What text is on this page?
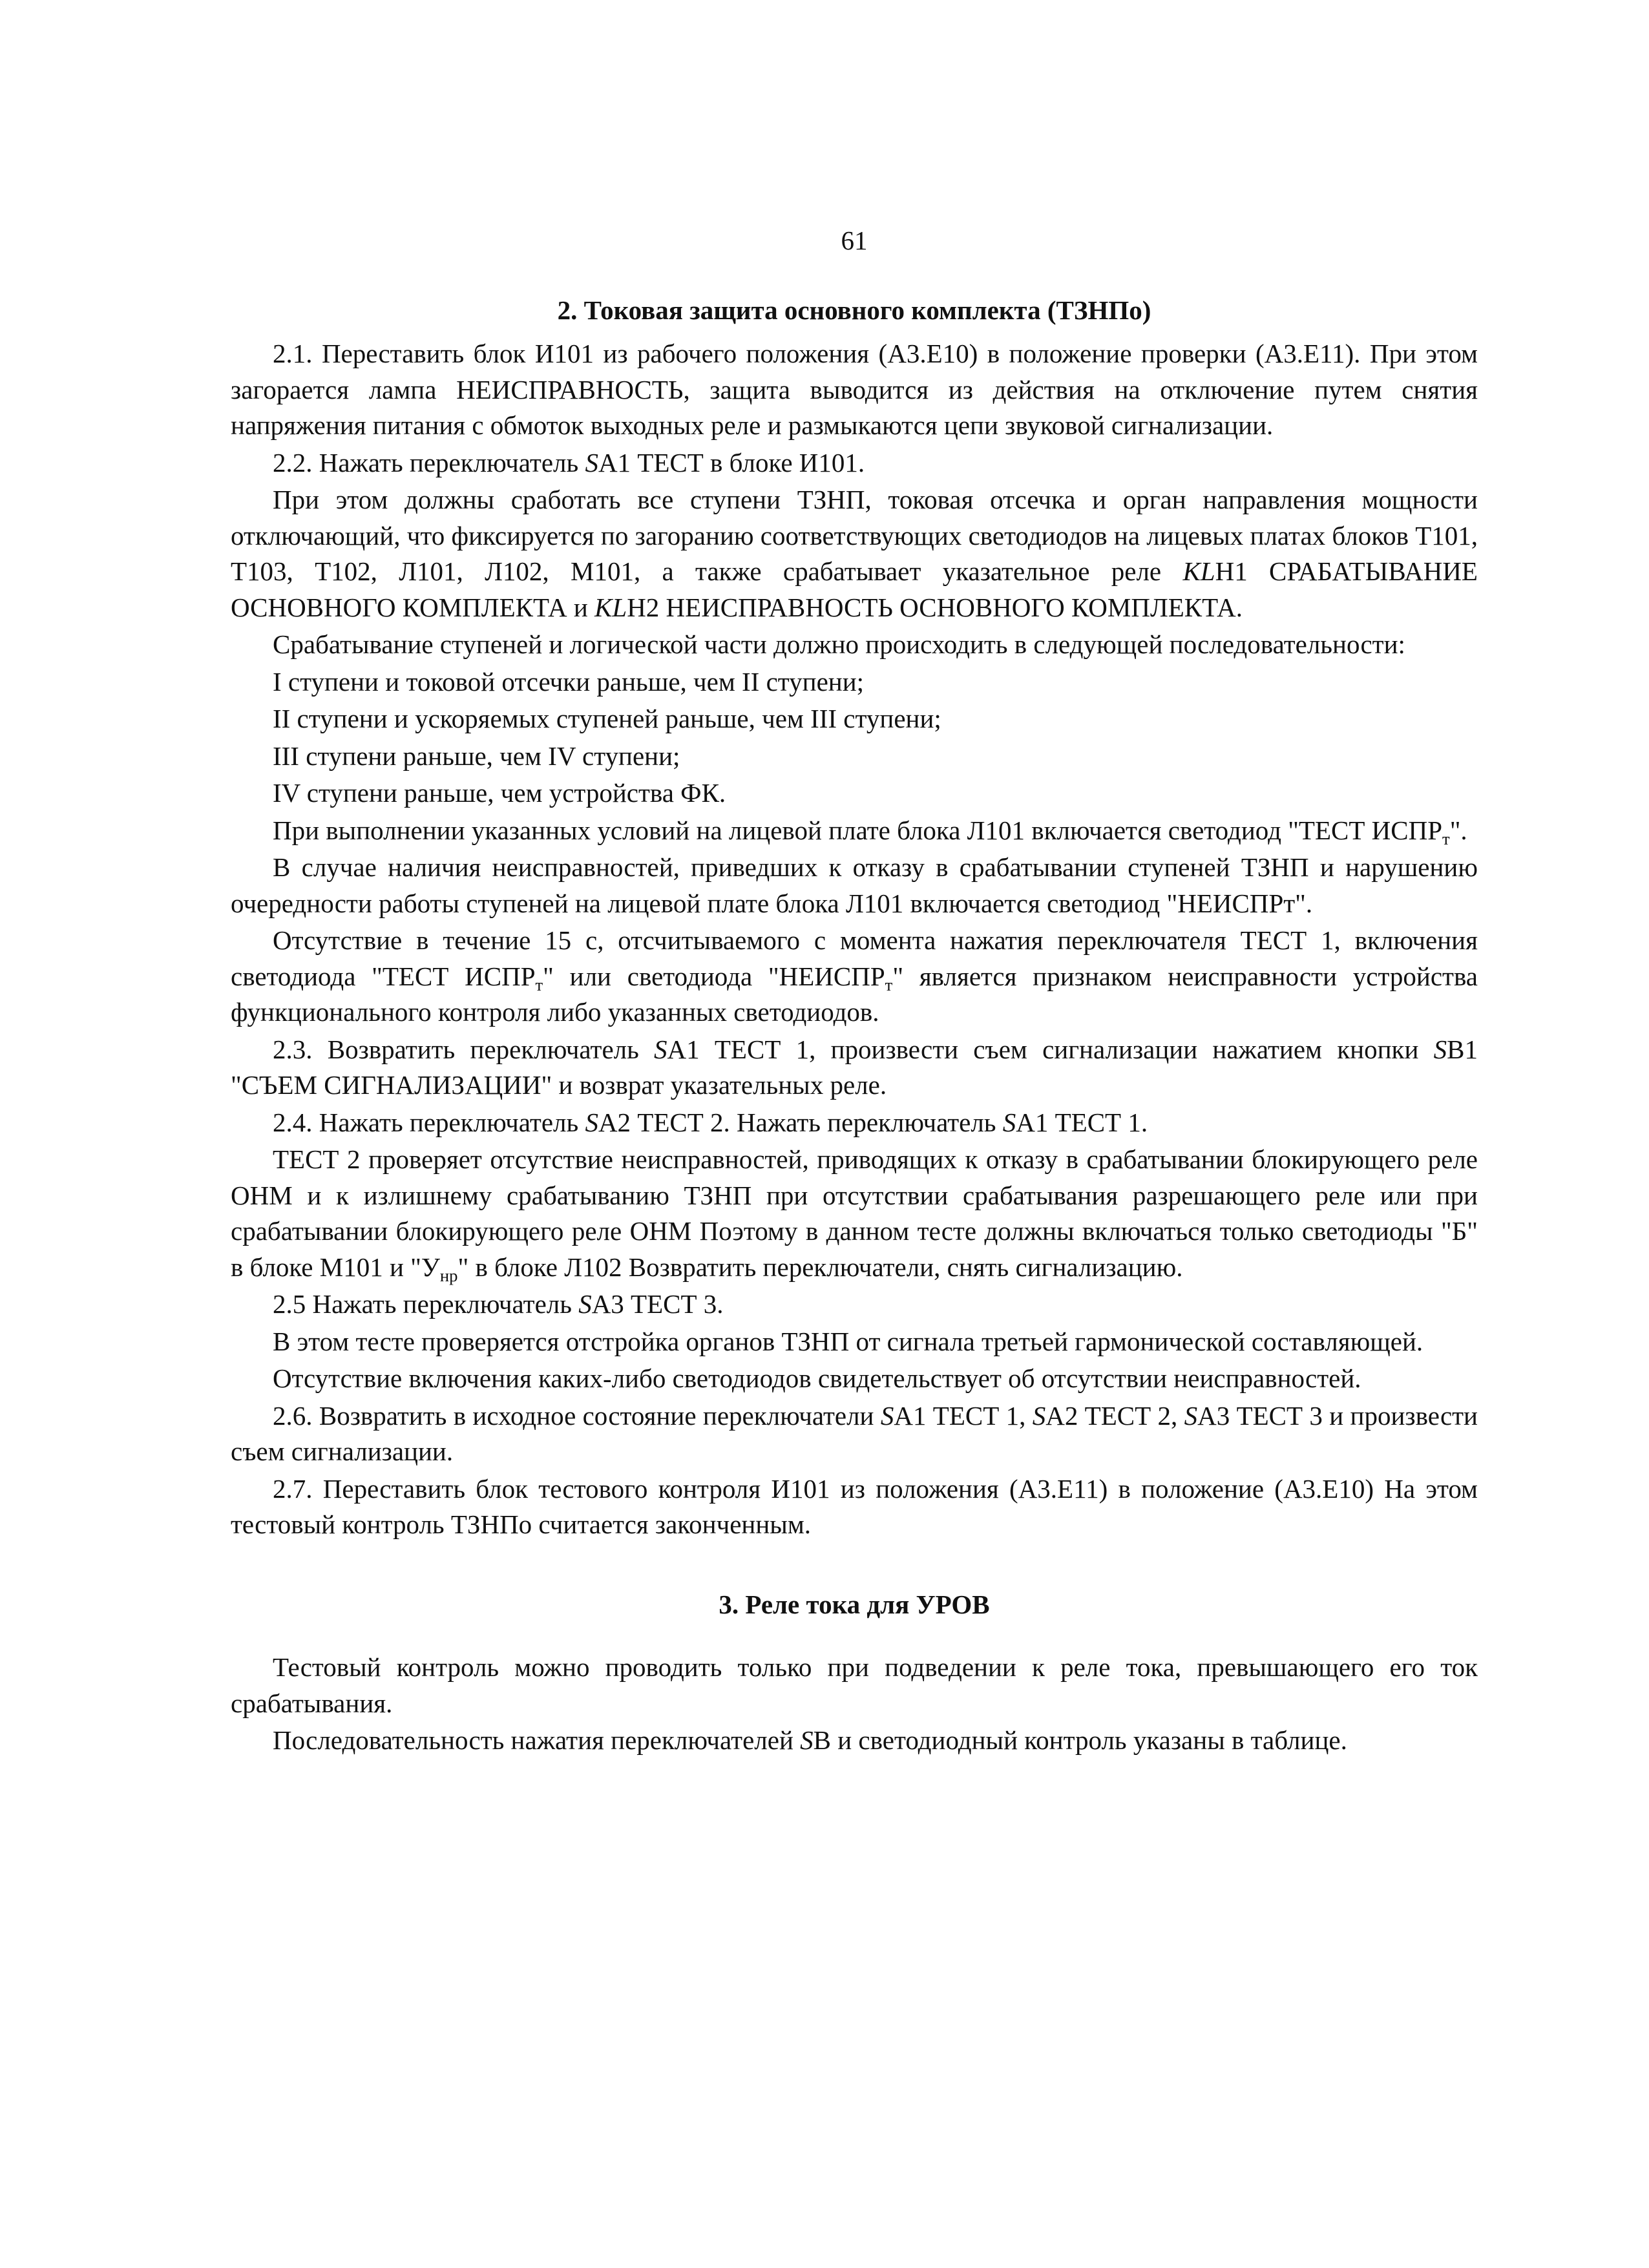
61
2. Токовая защита основного комплекта (ТЗНПо)

2.1. Переставить блок И101 из рабочего положения (А3.Е10) в положение проверки (А3.Е11). При этом загорается лампа НЕИСПРАВНОСТЬ, защита выводится из действия на отключение путем снятия напряжения питания с обмоток выходных реле и размыкаются цепи звуковой сигнализации.

2.2. Нажать переключатель SА1 ТЕСТ в блоке И101.

При этом должны сработать все ступени ТЗНП, токовая отсечка и орган направления мощности отключающий, что фиксируется по загоранию соответствующих светодиодов на лицевых платах блоков Т101, Т103, Т102, Л101, Л102, М101, а также срабатывает указательное реле KLН1 СРАБАТЫВАНИЕ ОСНОВНОГО КОМПЛЕКТА и KLН2 НЕИСПРАВНОСТЬ ОСНОВНОГО КОМПЛЕКТА.

Срабатывание ступеней и логической части должно происходить в следующей последовательности:

I ступени и токовой отсечки раньше, чем II ступени;

II ступени и ускоряемых ступеней раньше, чем III ступени;

III ступени раньше, чем IV ступени;

IV ступени раньше, чем устройства ФК.

При выполнении указанных условий на лицевой плате блока Л101 включается светодиод "ТЕСТ $ИСПР_т$".

В случае наличия неисправностей, приведших к отказу в срабатывании ступеней ТЗНП и нарушению очередности работы ступеней на лицевой плате блока Л101 включается светодиод "НЕИСПРт".

Отсутствие в течение 15 с, отсчитываемого с момента нажатия переключателя ТЕСТ 1, включения светодиода "ТЕСТ $ИСПР_т$" или светодиода "$НЕИСПР_т$" является признаком неисправности устройства функционального контроля либо указанных светодиодов.

2.3. Возвратить переключатель SА1 ТЕСТ 1, произвести съем сигнализации нажатием кнопки SВ1 "СЪЕМ СИГНАЛИЗАЦИИ" и возврат указательных реле.

2.4. Нажать переключатель SА2 ТЕСТ 2. Нажать переключатель SА1 ТЕСТ 1.

ТЕСТ 2 проверяет отсутствие неисправностей, приводящих к отказу в срабатывании блокирующего реле ОНМ и к излишнему срабатыванию ТЗНП при отсутствии срабатывания разрешающего реле или при срабатывании блокирующего реле ОНМ Поэтому в данном тесте должны включаться только светодиоды "Б" в блоке М101 и "$У_{нр}$" в блоке Л102 Возвратить переключатели, снять сигнализацию.

2.5 Нажать переключатель SА3 ТЕСТ 3.

В этом тесте проверяется отстройка органов ТЗНП от сигнала третьей гармонической составляющей.

Отсутствие включения каких-либо светодиодов свидетельствует об отсутствии неисправностей.

2.6. Возвратить в исходное состояние переключатели SА1 ТЕСТ 1, SА2 ТЕСТ 2, SА3 ТЕСТ 3 и произвести съем сигнализации.

2.7. Переставить блок тестового контроля И101 из положения (А3.Е11) в положение (А3.Е10) На этом тестовый контроль ТЗНПо считается законченным.

3. Реле тока для УРОВ

Тестовый контроль можно проводить только при подведении к реле тока, превышающего его ток срабатывания.

Последовательность нажатия переключателей SВ и светодиодный контроль указаны в таблице.
